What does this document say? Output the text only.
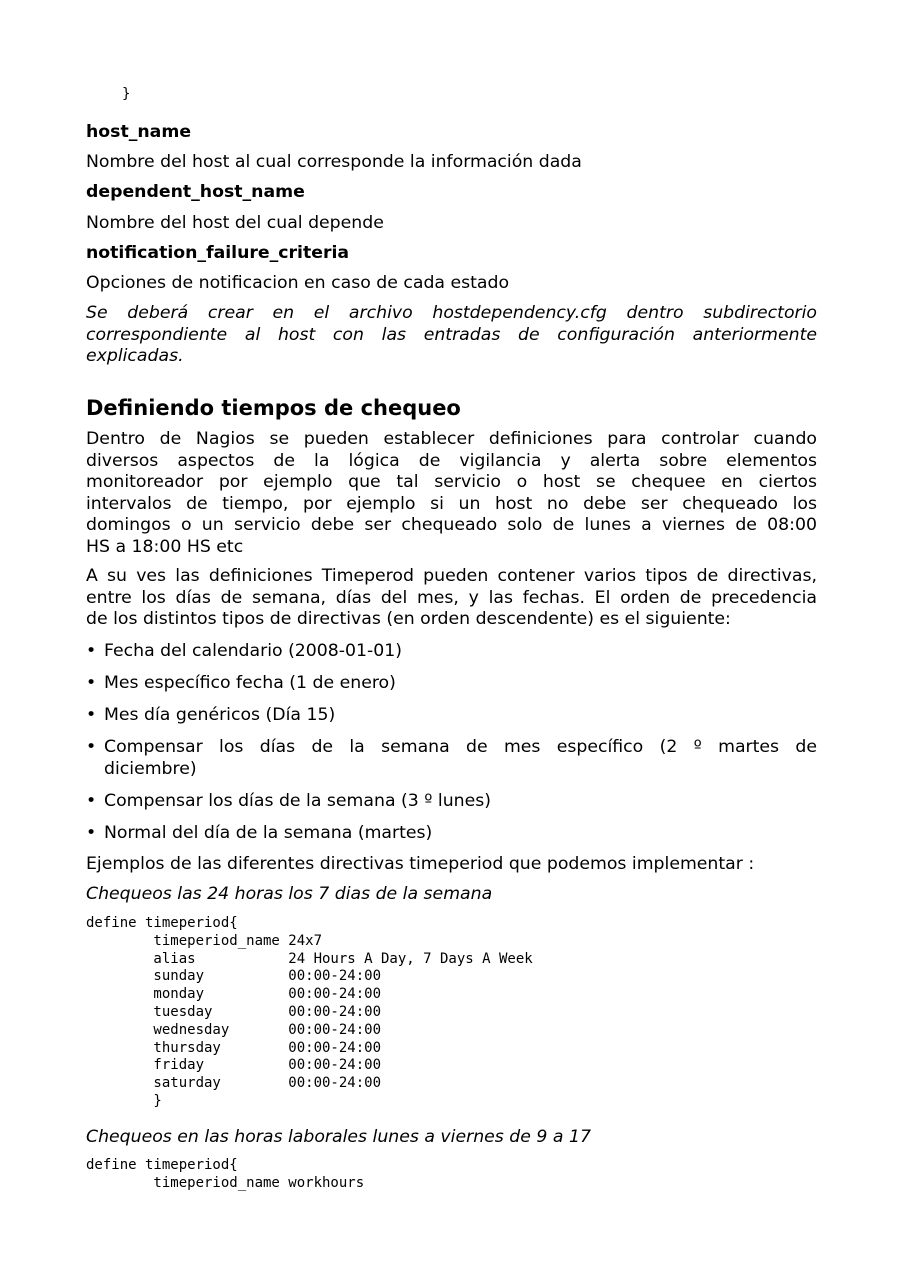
}
host_name
Nombre del host al cual corresponde la información dada
dependent_host_name
Nombre del host del cual depende
notification_failure_criteria
Opciones de notificacion en caso de cada estado
Se deberá crear en el archivo hostdependency.cfg dentro subdirectorio
correspondiente al host con las entradas de configuración anteriormente
explicadas.
Definiendo tiempos de chequeo
Dentro de Nagios se pueden establecer definiciones para controlar cuando
diversos aspectos de la lógica de vigilancia y alerta sobre elementos
monitoreador por ejemplo que tal servicio o host se chequee en ciertos
intervalos de tiempo, por ejemplo si un host no debe ser chequeado los
domingos o un servicio debe ser chequeado solo de lunes a viernes de 08:00
HS a 18:00 HS etc
A su ves las definiciones Timeperod pueden contener varios tipos de directivas,
entre los días de semana, días del mes, y las fechas. El orden de precedencia
de los distintos tipos de directivas (en orden descendente) es el siguiente:
• Fecha del calendario (2008-01-01)
• Mes específico fecha (1 de enero)
• Mes día genéricos (Día 15)
• Compensar los días de la semana de mes específico (2 º martes de
diciembre)
• Compensar los días de la semana (3 º lunes)
• Normal del día de la semana (martes)
Ejemplos de las diferentes directivas timeperiod que podemos implementar :
Chequeos las 24 horas los 7 dias de la semana
define timeperiod{
timeperiod_name 24x7
alias           24 Hours A Day, 7 Days A Week
sunday          00:00-24:00
monday          00:00-24:00
tuesday         00:00-24:00
wednesday       00:00-24:00
thursday        00:00-24:00
friday          00:00-24:00
saturday        00:00-24:00
}
Chequeos en las horas laborales lunes a viernes de 9 a 17
define timeperiod{
timeperiod_name workhours
